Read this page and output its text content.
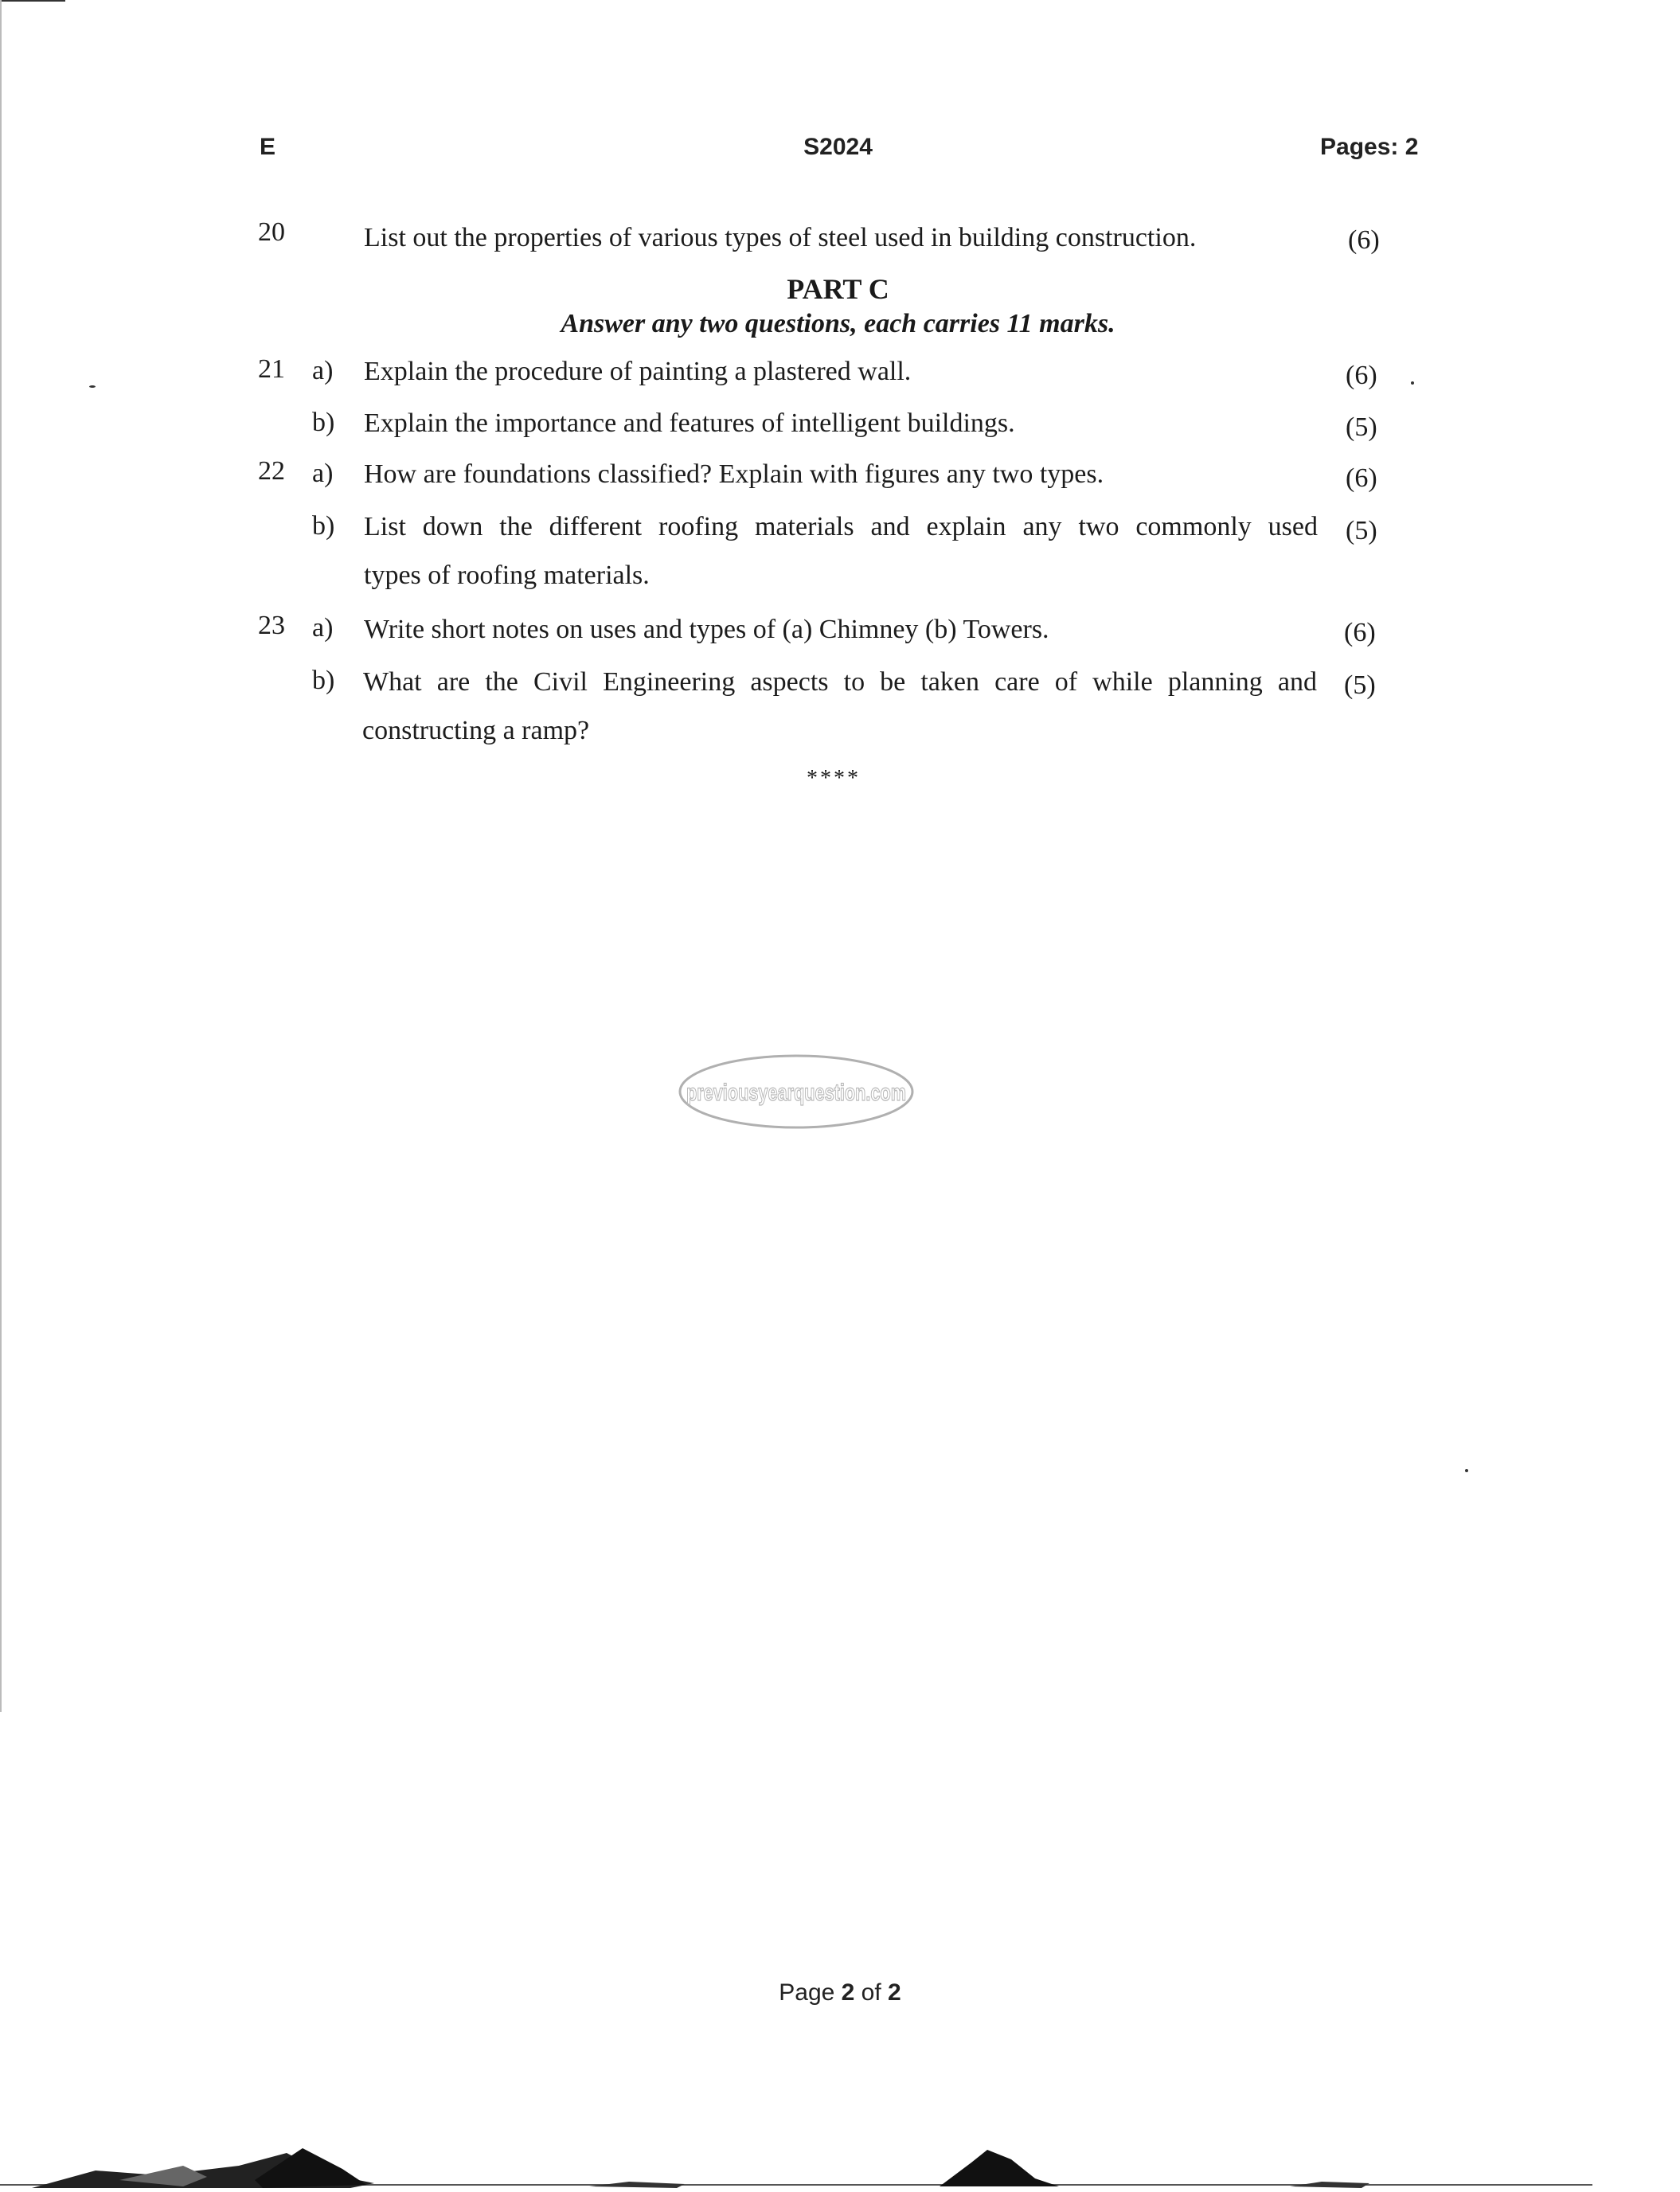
E	S2024	Pages: 2
20	List out the properties of various types of steel used in building construction.	(6)
PART C
Answer any two questions, each carries 11 marks.
21 a) Explain the procedure of painting a plastered wall.	(6)
b) Explain the importance and features of intelligent buildings.	(5)
22 a) How are foundations classified? Explain with figures any two types.	(6)
b) List down the different roofing materials and explain any two commonly used (5)
types of roofing materials.
23 a) Write short notes on uses and types of (a) Chimney (b) Towers.	(6)
b) What are the Civil Engineering aspects to be taken care of while planning and (5)
constructing a ramp?
****
previousyearquestion.com
Page 2 of 2
